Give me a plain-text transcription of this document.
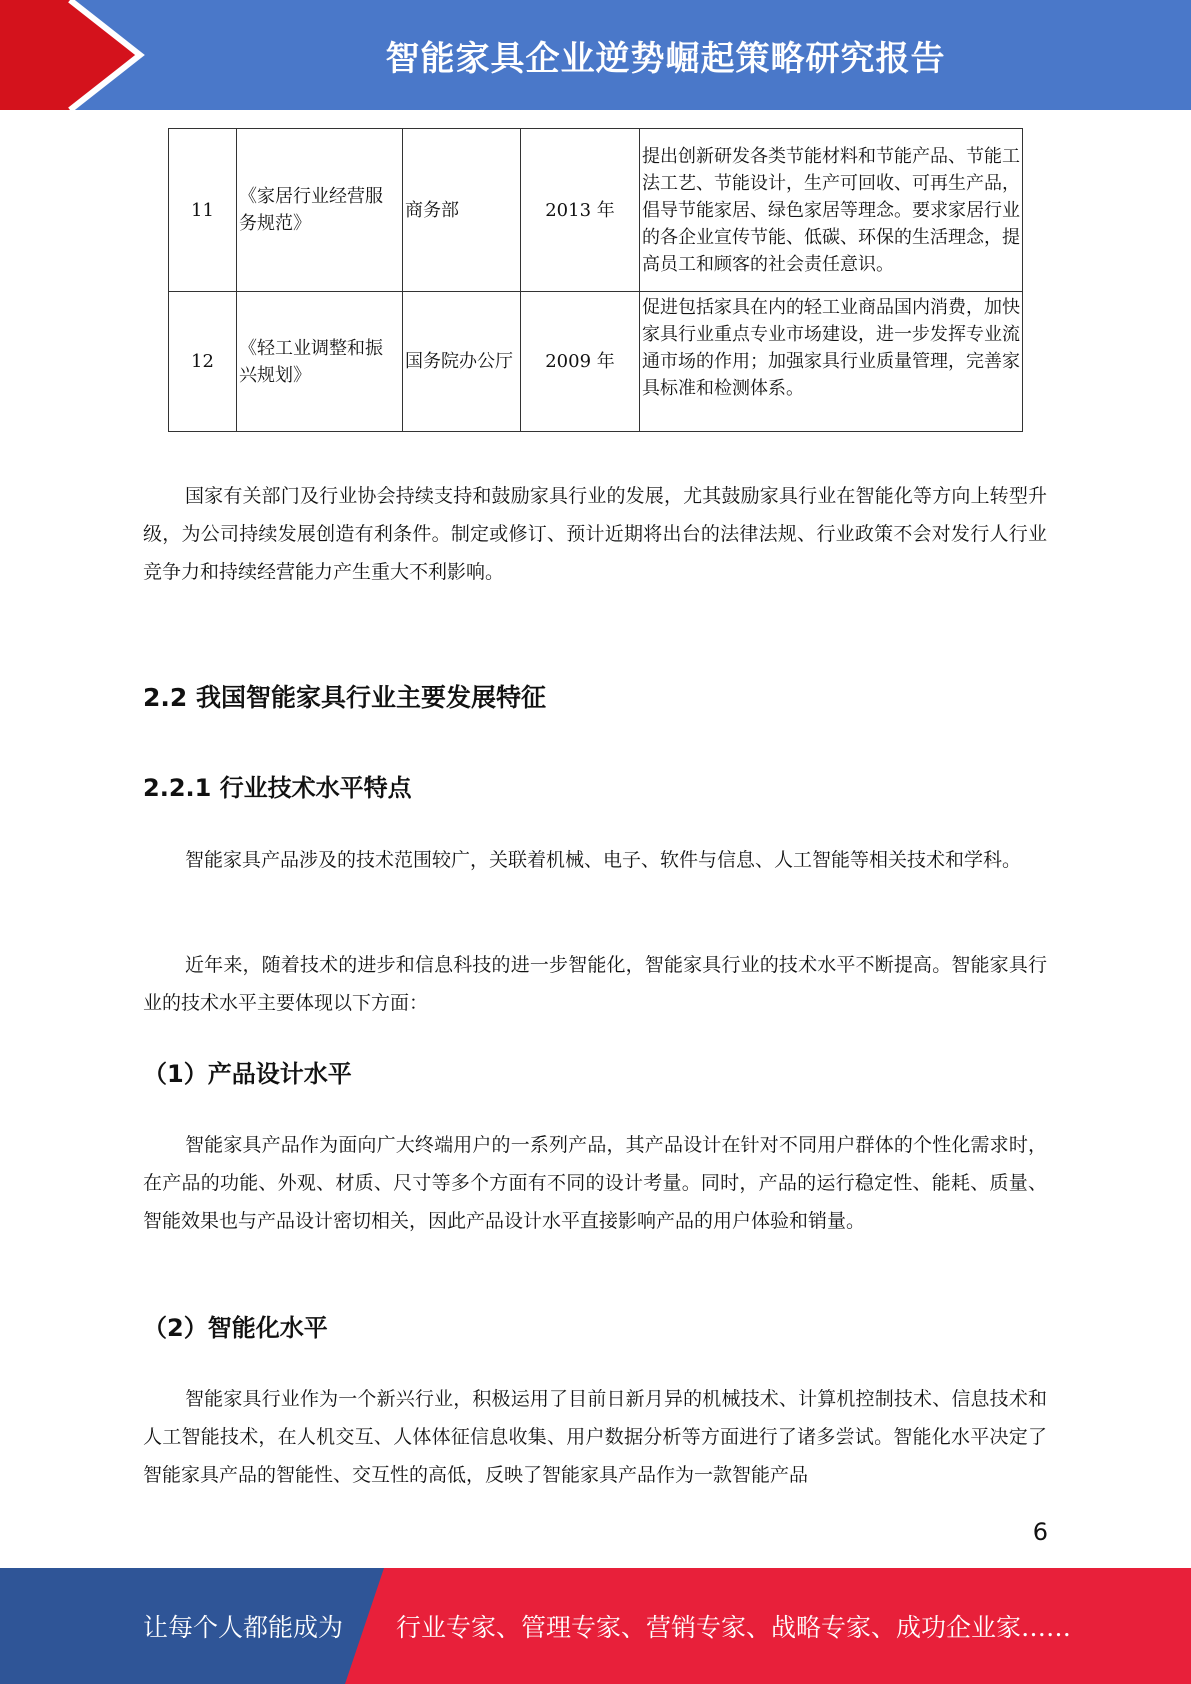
智能家具企业逆势崛起策略研究报告
11	《家居行业经营服务规范》	商务部	2013 年	提出创新研发各类节能材料和节能产品、节能工法工艺、节能设计，生产可回收、可再生产品，倡导节能家居、绿色家居等理念。要求家居行业的各企业宣传节能、低碳、环保的生活理念，提高员工和顾客的社会责任意识。
12	《轻工业调整和振兴规划》	国务院办公厅	2009 年	促进包括家具在内的轻工业商品国内消费，加快家具行业重点专业市场建设，进一步发挥专业流通市场的作用；加强家具行业质量管理，完善家具标准和检测体系。

国家有关部门及行业协会持续支持和鼓励家具行业的发展，尤其鼓励家具行业在智能化等方向上转型升级，为公司持续发展创造有利条件。制定或修订、预计近期将出台的法律法规、行业政策不会对发行人行业竞争力和持续经营能力产生重大不利影响。

2.2 我国智能家具行业主要发展特征
2.2.1 行业技术水平特点

智能家具产品涉及的技术范围较广，关联着机械、电子、软件与信息、人工智能等相关技术和学科。

近年来，随着技术的进步和信息科技的进一步智能化，智能家具行业的技术水平不断提高。智能家具行业的技术水平主要体现以下方面：

（1）产品设计水平

智能家具产品作为面向广大终端用户的一系列产品，其产品设计在针对不同用户群体的个性化需求时，在产品的功能、外观、材质、尺寸等多个方面有不同的设计考量。同时，产品的运行稳定性、能耗、质量、智能效果也与产品设计密切相关，因此产品设计水平直接影响产品的用户体验和销量。

（2）智能化水平

智能家具行业作为一个新兴行业，积极运用了目前日新月异的机械技术、计算机控制技术、信息技术和人工智能技术，在人机交互、人体体征信息收集、用户数据分析等方面进行了诸多尝试。智能化水平决定了智能家具产品的智能性、交互性的高低，反映了智能家具产品作为一款智能产品

6
让每个人都能成为 行业专家、管理专家、营销专家、战略专家、成功企业家……
